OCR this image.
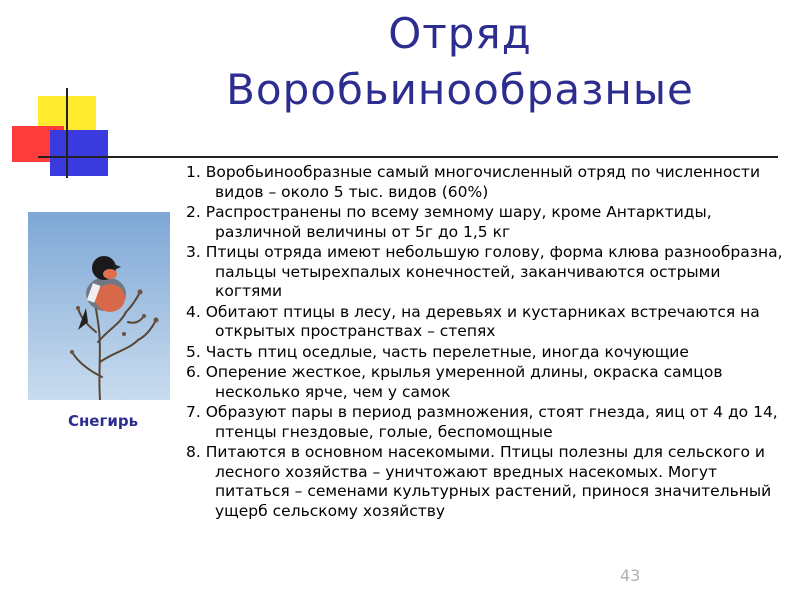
Отряд
Воробьинообразные
Снегирь
1. Воробьинообразные самый многочисленный отряд по численности видов – около 5 тыс. видов (60%)
2. Распространены по всему земному шару, кроме Антарктиды, различной величины от 5г до 1,5 кг
3. Птицы отряда имеют небольшую голову, форма клюва разнообразна, пальцы четырехпалых конечностей, заканчиваются острыми когтями
4. Обитают птицы в лесу, на деревьях и кустарниках встречаются на открытых пространствах – степях
5. Часть птиц оседлые, часть перелетные, иногда кочующие
6. Оперение жесткое, крылья умеренной длины, окраска самцов несколько ярче, чем у самок
7. Образуют пары в период размножения, стоят гнезда, яиц от 4 до 14, птенцы гнездовые, голые, беспомощные
8. Питаются в основном насекомыми. Птицы полезны для сельского и лесного хозяйства – уничтожают вредных насекомых. Могут питаться – семенами культурных растений, принося значительный ущерб сельскому хозяйству
43
